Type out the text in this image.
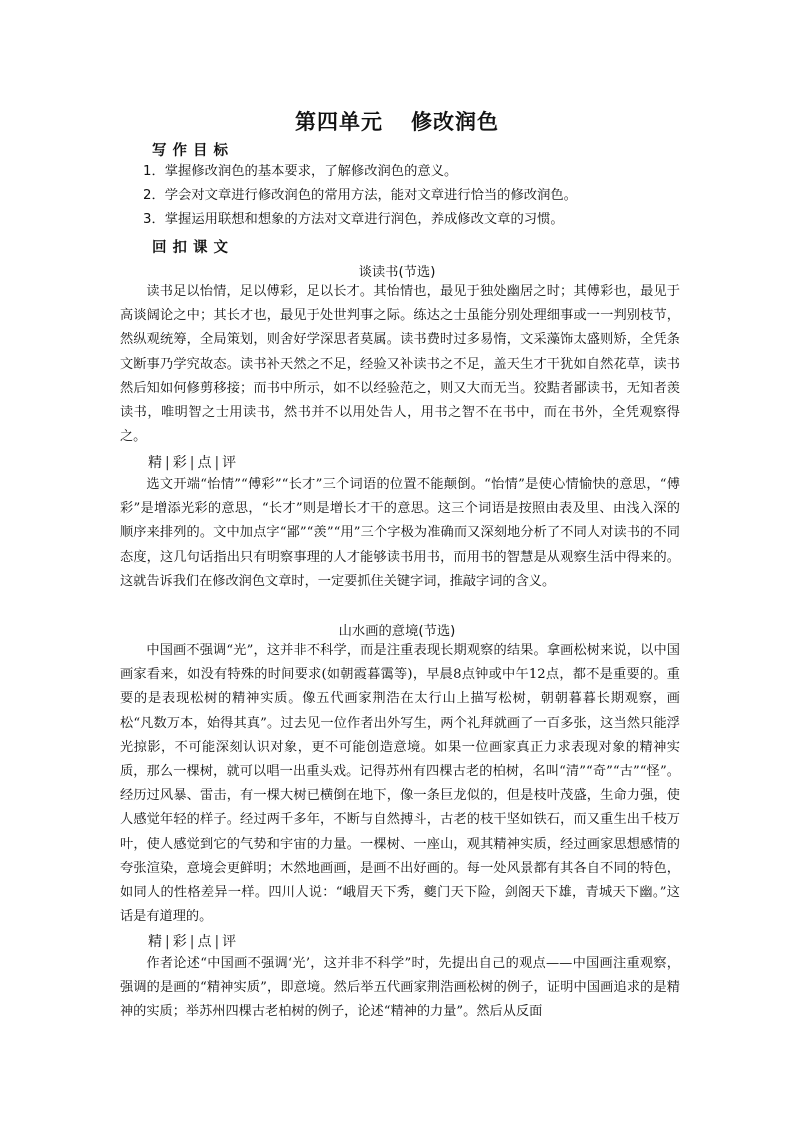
第四单元 修改润色
写作目标
1．掌握修改润色的基本要求，了解修改润色的意义。
2．学会对文章进行修改润色的常用方法，能对文章进行恰当的修改润色。
3．掌握运用联想和想象的方法对文章进行润色，养成修改文章的习惯。
回扣课文
谈读书(节选)

读书足以怡情，足以傅彩，足以长才。其怡情也，最见于独处幽居之时；其傅彩也，最见于高谈阔论之中；其长才也，最见于处世判事之际。练达之士虽能分别处理细事或一一判别枝节，然纵观统筹，全局策划，则舍好学深思者莫属。读书费时过多易惰，文采藻饰太盛则矫，全凭条文断事乃学究故态。读书补天然之不足，经验又补读书之不足，盖天生才干犹如自然花草，读书然后知如何修剪移接；而书中所示，如不以经验范之，则又大而无当。狡黠者鄙读书，无知者羡读书，唯明智之士用读书，然书并不以用处告人，用书之智不在书中，而在书外，全凭观察得之。

精 | 彩 | 点 | 评

选文开端“怡情”“傅彩”“长才”三个词语的位置不能颠倒。“怡情”是使心情愉快的意思，“傅彩”是增添光彩的意思，“长才”则是增长才干的意思。这三个词语是按照由表及里、由浅入深的顺序来排列的。文中加点字“鄙”“羡”“用”三个字极为准确而又深刻地分析了不同人对读书的不同态度，这几句话指出只有明察事理的人才能够读书用书，而用书的智慧是从观察生活中得来的。这就告诉我们在修改润色文章时，一定要抓住关键字词，推敲字词的含义。

山水画的意境(节选)

中国画不强调“光”，这并非不科学，而是注重表现长期观察的结果。拿画松树来说，以中国画家看来，如没有特殊的时间要求(如朝霞暮霭等)，早晨8点钟或中午12点，都不是重要的。重要的是表现松树的精神实质。像五代画家荆浩在太行山上描写松树，朝朝暮暮长期观察，画松“凡数万本，始得其真”。过去见一位作者出外写生，两个礼拜就画了一百多张，这当然只能浮光掠影，不可能深刻认识对象，更不可能创造意境。如果一位画家真正力求表现对象的精神实质，那么一棵树，就可以唱一出重头戏。记得苏州有四棵古老的柏树，名叫“清”“奇”“古”“怪”。经历过风暴、雷击，有一棵大树已横倒在地下，像一条巨龙似的，但是枝叶茂盛，生命力强，使人感觉年轻的样子。经过两千多年，不断与自然搏斗，古老的枝干坚如铁石，而又重生出千枝万叶，使人感觉到它的气势和宇宙的力量。一棵树、一座山，观其精神实质，经过画家思想感情的夸张渲染，意境会更鲜明；木然地画画，是画不出好画的。每一处风景都有其各自不同的特色，如同人的性格差异一样。四川人说：“峨眉天下秀，夔门天下险，剑阁天下雄，青城天下幽。”这话是有道理的。

精 | 彩 | 点 | 评

作者论述“中国画不强调‘光’，这并非不科学”时，先提出自己的观点——中国画注重观察，强调的是画的“精神实质”，即意境。然后举五代画家荆浩画松树的例子，证明中国画追求的是精神的实质；举苏州四棵古老柏树的例子，论述“精神的力量”。然后从反面
